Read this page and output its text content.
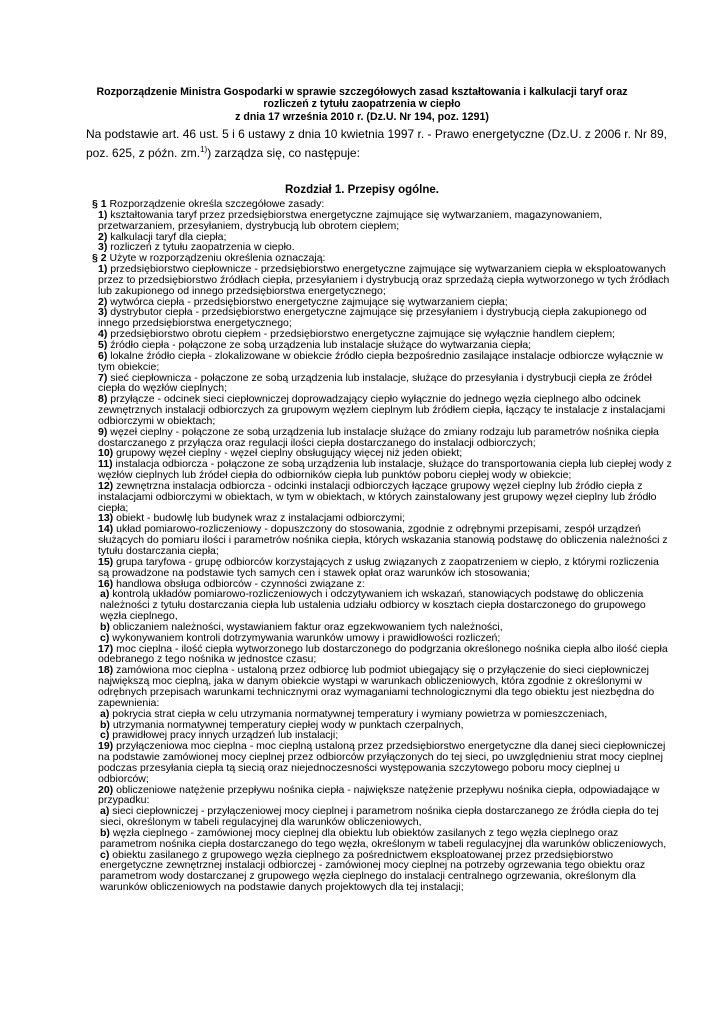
Rozporządzenie Ministra Gospodarki w sprawie szczegółowych zasad kształtowania i kalkulacji taryf oraz
rozliczeń z tytułu zaopatrzenia w ciepło
z dnia 17 września 2010 r. (Dz.U. Nr 194, poz. 1291)
Na podstawie art. 46 ust. 5 i 6 ustawy z dnia 10 kwietnia 1997 r. - Prawo energetyczne (Dz.U. z 2006 r. Nr 89, poz. 625, z późn. zm.$^{1)}$) zarządza się, co następuje:
Rozdział 1. Przepisy ogólne.

§ 1 Rozporządzenie określa szczegółowe zasady:

1) kształtowania taryf przez przedsiębiorstwa energetyczne zajmujące się wytwarzaniem, magazynowaniem, przetwarzaniem, przesyłaniem, dystrybucją lub obrotem ciepłem;

2) kalkulacji taryf dla ciepła;

3) rozliczeń z tytułu zaopatrzenia w ciepło.

§ 2 Użyte w rozporządzeniu określenia oznaczają:

1) przedsiębiorstwo ciepłownicze - przedsiębiorstwo energetyczne zajmujące się wytwarzaniem ciepła w eksploatowanych przez to przedsiębiorstwo źródłach ciepła, przesyłaniem i dystrybucją oraz sprzedażą ciepła wytworzonego w tych źródłach lub zakupionego od innego przedsiębiorstwa energetycznego;

2) wytwórca ciepła - przedsiębiorstwo energetyczne zajmujące się wytwarzaniem ciepła;

3) dystrybutor ciepła - przedsiębiorstwo energetyczne zajmujące się przesyłaniem i dystrybucją ciepła zakupionego od innego przedsiębiorstwa energetycznego;

4) przedsiębiorstwo obrotu ciepłem - przedsiębiorstwo energetyczne zajmujące się wyłącznie handlem ciepłem;

5) źródło ciepła - połączone ze sobą urządzenia lub instalacje służące do wytwarzania ciepła;

6) lokalne źródło ciepła - zlokalizowane w obiekcie źródło ciepła bezpośrednio zasilające instalacje odbiorcze wyłącznie w tym obiekcie;

7) sieć ciepłownicza - połączone ze sobą urządzenia lub instalacje, służące do przesyłania i dystrybucji ciepła ze źródeł ciepła do węzłów cieplnych;

8) przyłącze - odcinek sieci ciepłowniczej doprowadzający ciepło wyłącznie do jednego węzła cieplnego albo odcinek zewnętrznych instalacji odbiorczych za grupowym węzłem cieplnym lub źródłem ciepła, łączący te instalacje z instalacjami odbiorczymi w obiektach;

9) węzeł cieplny - połączone ze sobą urządzenia lub instalacje służące do zmiany rodzaju lub parametrów nośnika ciepła dostarczanego z przyłącza oraz regulacji ilości ciepła dostarczanego do instalacji odbiorczych;

10) grupowy węzeł cieplny - węzeł cieplny obsługujący więcej niż jeden obiekt;

11) instalacja odbiorcza - połączone ze sobą urządzenia lub instalacje, służące do transportowania ciepła lub ciepłej wody z węzłów cieplnych lub źródeł ciepła do odbiorników ciepła lub punktów poboru ciepłej wody w obiekcie;

12) zewnętrzna instalacja odbiorcza - odcinki instalacji odbiorczych łączące grupowy węzeł cieplny lub źródło ciepła z instalacjami odbiorczymi w obiektach, w tym w obiektach, w których zainstalowany jest grupowy węzeł cieplny lub źródło ciepła;

13) obiekt - budowlę lub budynek wraz z instalacjami odbiorczymi;

14) układ pomiarowo-rozliczeniowy - dopuszczony do stosowania, zgodnie z odrębnymi przepisami, zespół urządzeń służących do pomiaru ilości i parametrów nośnika ciepła, których wskazania stanowią podstawę do obliczenia należności z tytułu dostarczania ciepła;

15) grupa taryfowa - grupę odbiorców korzystających z usług związanych z zaopatrzeniem w ciepło, z którymi rozliczenia są prowadzone na podstawie tych samych cen i stawek opłat oraz warunków ich stosowania;

16) handlowa obsługa odbiorców - czynności związane z:

a) kontrolą układów pomiarowo-rozliczeniowych i odczytywaniem ich wskazań, stanowiących podstawę do obliczenia należności z tytułu dostarczania ciepła lub ustalenia udziału odbiorcy w kosztach ciepła dostarczonego do grupowego węzła cieplnego,

b) obliczaniem należności, wystawianiem faktur oraz egzekwowaniem tych należności,

c) wykonywaniem kontroli dotrzymywania warunków umowy i prawidłowości rozliczeń;

17) moc cieplna - ilość ciepła wytworzonego lub dostarczonego do podgrzania określonego nośnika ciepła albo ilość ciepła odebranego z tego nośnika w jednostce czasu;

18) zamówiona moc cieplna - ustaloną przez odbiorcę lub podmiot ubiegający się o przyłączenie do sieci ciepłowniczej największą moc cieplną, jaka w danym obiekcie wystąpi w warunkach obliczeniowych, która zgodnie z określonymi w odrębnych przepisach warunkami technicznymi oraz wymaganiami technologicznymi dla tego obiektu jest niezbędna do zapewnienia:

a) pokrycia strat ciepła w celu utrzymania normatywnej temperatury i wymiany powietrza w pomieszczeniach,

b) utrzymania normatywnej temperatury ciepłej wody w punktach czerpalnych,

c) prawidłowej pracy innych urządzeń lub instalacji;

19) przyłączeniowa moc cieplna - moc cieplną ustaloną przez przedsiębiorstwo energetyczne dla danej sieci ciepłowniczej na podstawie zamówionej mocy cieplnej przez odbiorców przyłączonych do tej sieci, po uwzględnieniu strat mocy cieplnej podczas przesyłania ciepła tą siecią oraz niejednoczesności występowania szczytowego poboru mocy cieplnej u odbiorców;

20) obliczeniowe natężenie przepływu nośnika ciepła - największe natężenie przepływu nośnika ciepła, odpowiadające w przypadku:

a) sieci ciepłowniczej - przyłączeniowej mocy cieplnej i parametrom nośnika ciepła dostarczanego ze źródła ciepła do tej sieci, określonym w tabeli regulacyjnej dla warunków obliczeniowych,

b) węzła cieplnego - zamówionej mocy cieplnej dla obiektu lub obiektów zasilanych z tego węzła cieplnego oraz parametrom nośnika ciepła dostarczanego do tego węzła, określonym w tabeli regulacyjnej dla warunków obliczeniowych,

c) obiektu zasilanego z grupowego węzła cieplnego za pośrednictwem eksploatowanej przez przedsiębiorstwo energetyczne zewnętrznej instalacji odbiorczej - zamówionej mocy cieplnej na potrzeby ogrzewania tego obiektu oraz parametrom wody dostarczanej z grupowego węzła cieplnego do instalacji centralnego ogrzewania, określonym dla warunków obliczeniowych na podstawie danych projektowych dla tej instalacji;
